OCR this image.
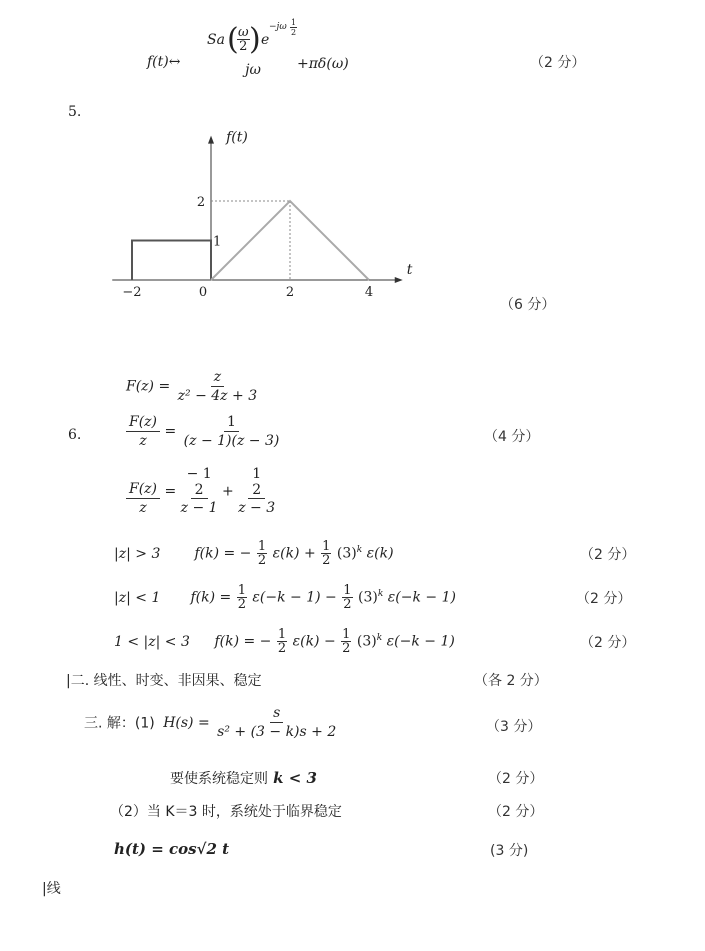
f(t)↔
Sa (
$\frac{\omega}{2}$ ) e
$-j\omega \frac{1}{2}$
jω	+πδ(ω)	（2 分）
5.
−2	0	2	4
1
2
f(t)
t
（6 分）
$F(z) = \frac{z}{\text{z² − 4z + 3}}$
6.	$\frac{F(z)}{z} = \frac{1}{(z - 1)(z - 3)}$	（4 分）
$\frac{F(z)}{z}$ =
− 1
2
z − 1
+
1
2
z − 3
|z| > 3 f(k) = − $\frac{1}{2} \varepsilon(k) + \frac{1}{2} (3)^k$ ε(k)	（2 分）
|z| < 1 $f(k) = \frac{1}{2} \varepsilon(-k - 1) - \frac{1}{2} (3)^k$ ε(−k − 1)	（2 分）
1 < |z| < 3 f(k) = − $\frac{1}{2} \varepsilon(k) - \frac{1}{2} (3)^k$ ε(−k − 1)	（2 分）
|二. 线性、时变、非因果、稳定	（各 2 分）
三. 解：(1) $H(s) = \frac{s}{\text{s² + (3 − k)s + 2}}$	（3 分）
要使系统稳定则 k < 3	（2 分）
（2）当 K＝3 时，系统处于临界稳定	（2 分）
h(t) = cos√2 t	(3 分)
|线
